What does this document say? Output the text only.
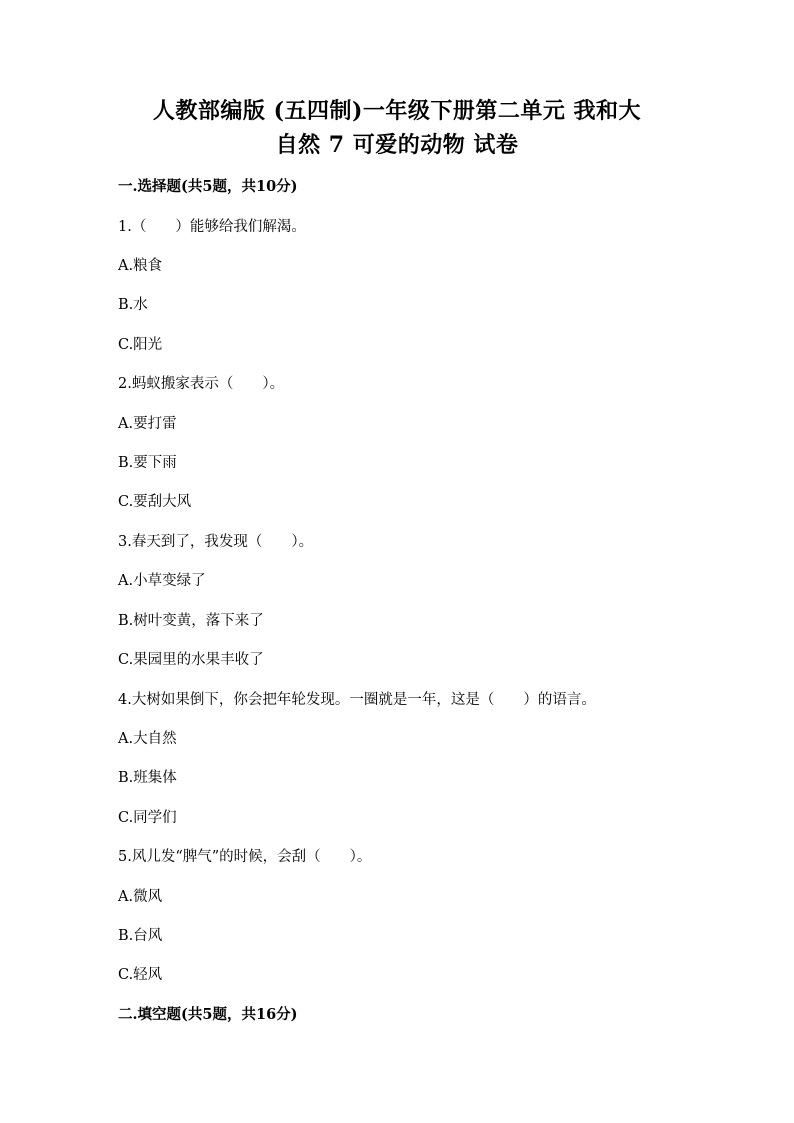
人教部编版 (五四制)一年级下册第二单元 我和大
自然 7 可爱的动物 试卷
一.选择题(共5题，共10分)
1.（　　）能够给我们解渴。
A.粮食
B.水
C.阳光
2.蚂蚁搬家表示（　　）。
A.要打雷
B.要下雨
C.要刮大风
3.春天到了，我发现（　　）。
A.小草变绿了
B.树叶变黄，落下来了
C.果园里的水果丰收了
4.大树如果倒下，你会把年轮发现。一圈就是一年，这是（　　）的语言。
A.大自然
B.班集体
C.同学们
5.风儿发“脾气”的时候，会刮（　　）。
A.微风
B.台风
C.轻风
二.填空题(共5题，共16分)
